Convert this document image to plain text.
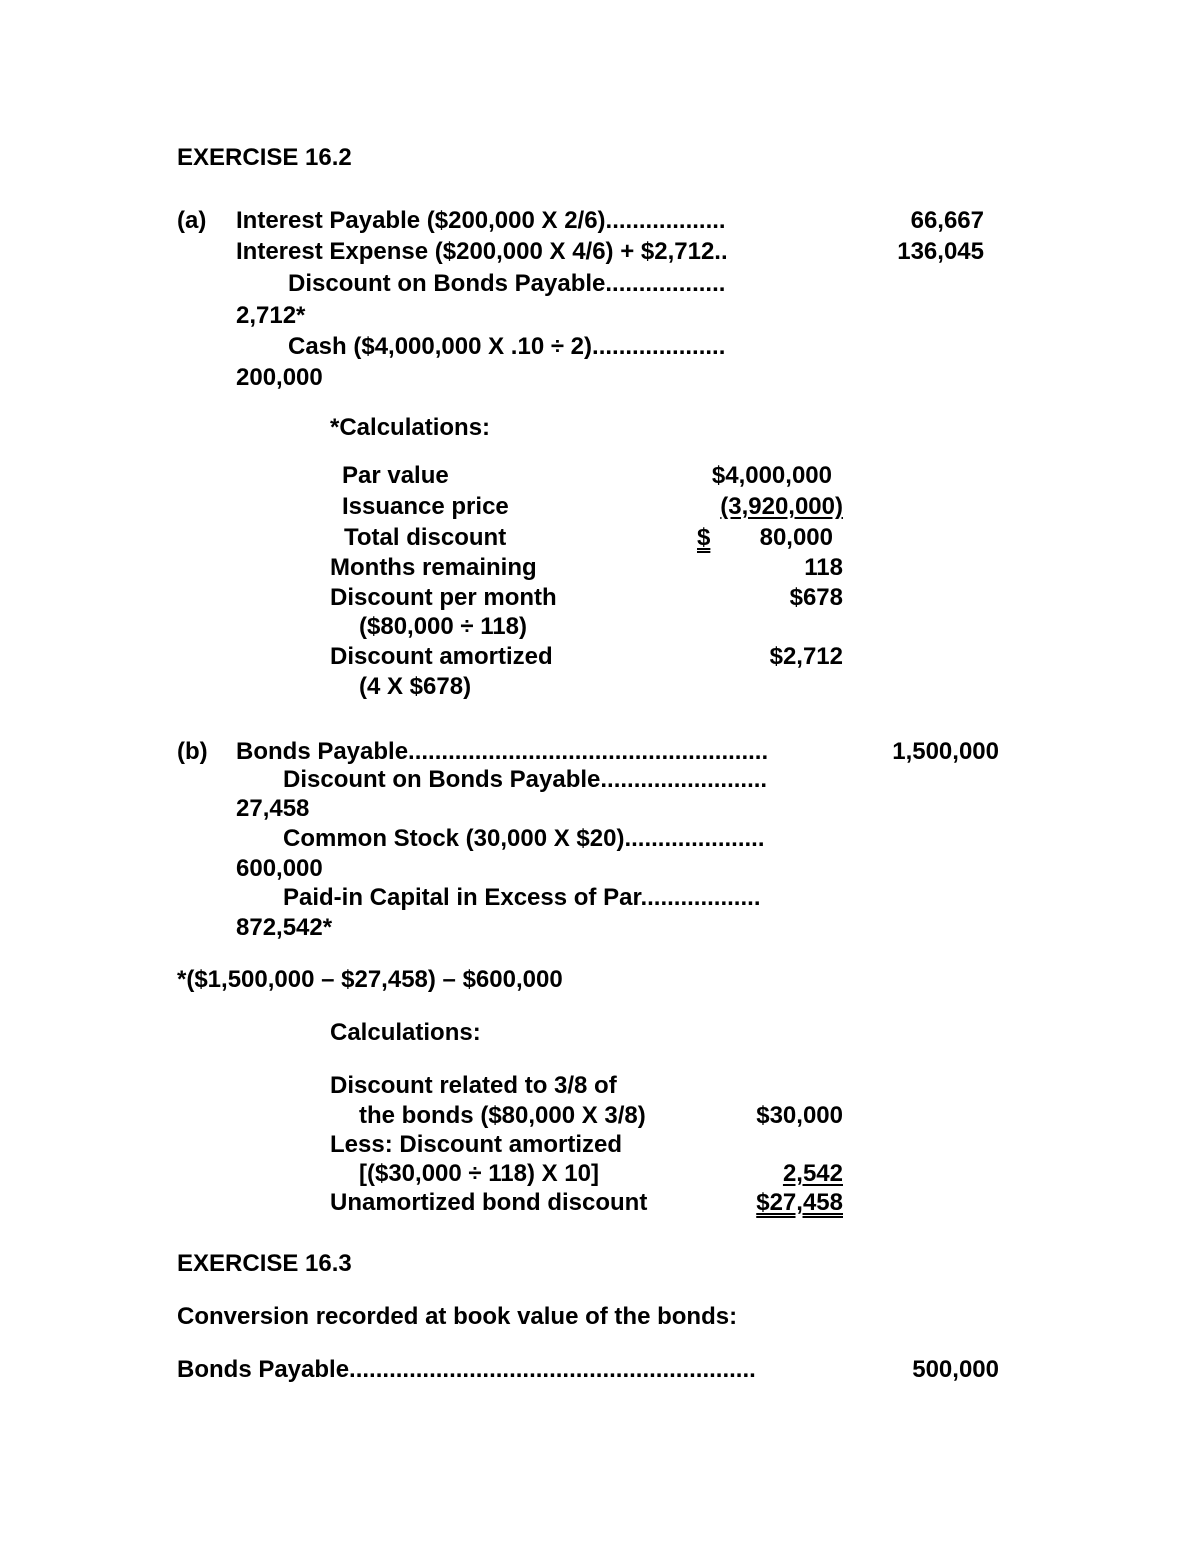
EXERCISE 16.2
(a) Interest Payable ($200,000 X 2/6)..................	66,667
Interest Expense ($200,000 X 4/6) + $2,712..	136,045
Discount on Bonds Payable..................
2,712*
Cash ($4,000,000 X .10 ÷ 2)....................
200,000
*Calculations:
Par value	$4,000,000
Issuance price	(3,920,000)
Total discount	$ 80,000
Months remaining	118
Discount per month	$678
($80,000 ÷ 118)
Discount amortized	$2,712
(4 X $678)
(b) Bonds Payable......................................................	1,500,000
Discount on Bonds Payable.........................
27,458
Common Stock (30,000 X $20).....................
600,000
Paid-in Capital in Excess of Par..................
872,542*
*($1,500,000 – $27,458) – $600,000
Calculations:
Discount related to 3/8 of
the bonds ($80,000 X 3/8)	$30,000
Less: Discount amortized
[($30,000 ÷ 118) X 10]	2,542
Unamortized bond discount	$27,458
EXERCISE 16.3
Conversion recorded at book value of the bonds:
Bonds Payable.............................................................	500,000
